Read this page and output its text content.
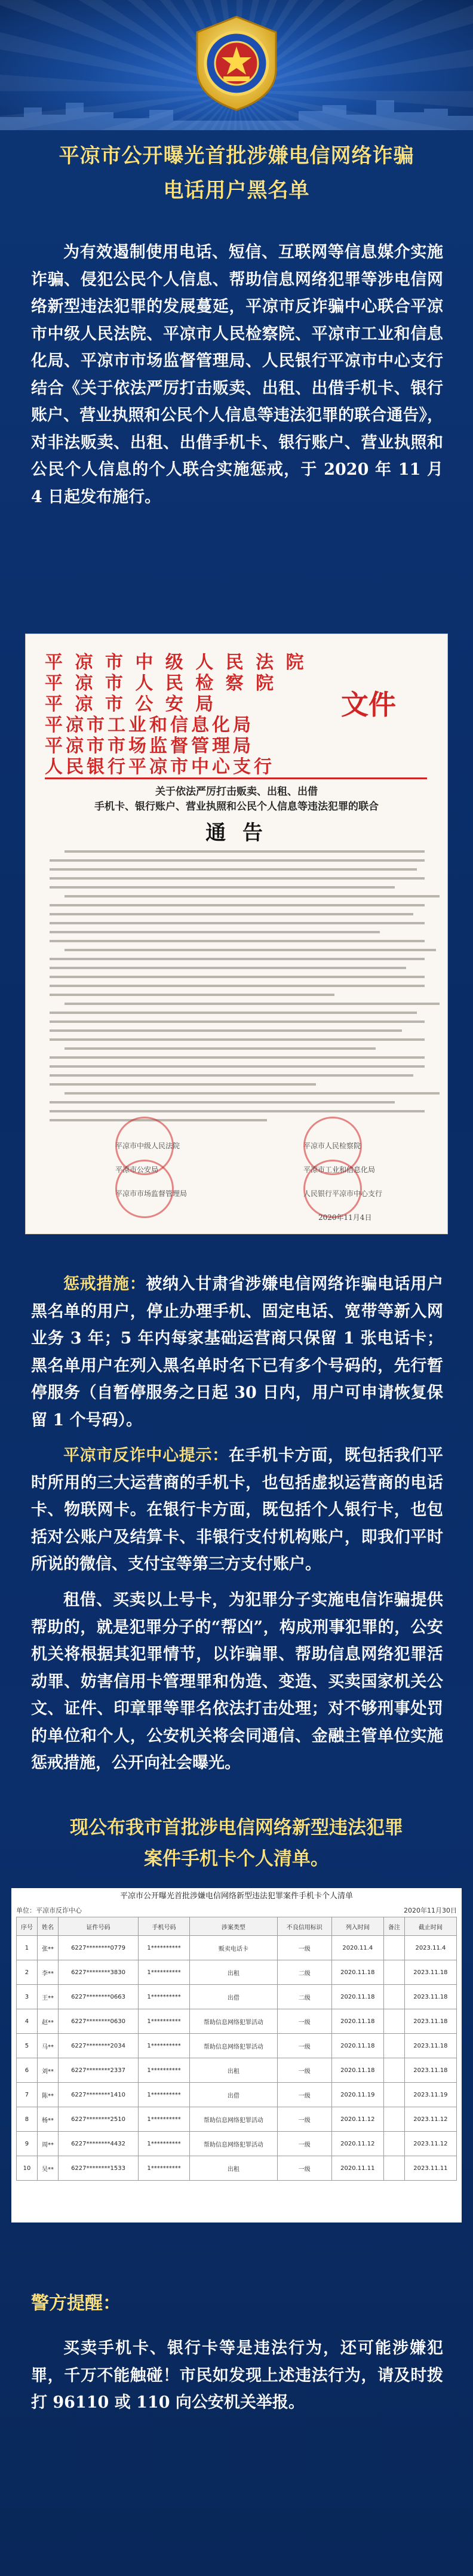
平凉市公开曝光首批涉嫌电信网络诈骗
电话用户黑名单
为有效遏制使用电话、短信、互联网等信息媒介实施诈骗、侵犯公民个人信息、帮助信息网络犯罪等涉电信网络新型违法犯罪的发展蔓延，平凉市反诈骗中心联合平凉市中级人民法院、平凉市人民检察院、平凉市工业和信息化局、平凉市市场监督管理局、人民银行平凉市中心支行结合《关于依法严厉打击贩卖、出租、出借手机卡、银行账户、营业执照和公民个人信息等违法犯罪的联合通告》，对非法贩卖、出租、出借手机卡、银行账户、营业执照和公民个人信息的个人联合实施惩戒，于 2020 年 11 月 4 日起发布施行。
平 凉 市 中 级 人 民 法 院
平 凉 市 人 民 检 察 院
平 凉 市 公 安 局
平凉市工业和信息化局
平凉市市场监督管理局
人民银行平凉市中心支行
文件
关于依法严厉打击贩卖、出租、出借
手机卡、银行账户、营业执照和公民个人信息等违法犯罪的联合
通 告
平凉市中级人民法院	平凉市人民检察院
平凉市公安局	平凉市工业和信息化局
平凉市市场监督管理局	人民银行平凉市中心支行
2020年11月4日
惩戒措施：被纳入甘肃省涉嫌电信网络诈骗电话用户黑名单的用户，停止办理手机、固定电话、宽带等新入网业务 3 年；5 年内每家基础运营商只保留 1 张电话卡；黑名单用户在列入黑名单时名下已有多个号码的，先行暂停服务（自暂停服务之日起 30 日内，用户可申请恢复保留 1 个号码）。
平凉市反诈中心提示：在手机卡方面，既包括我们平时所用的三大运营商的手机卡，也包括虚拟运营商的电话卡、物联网卡。在银行卡方面，既包括个人银行卡，也包括对公账户及结算卡、非银行支付机构账户，即我们平时所说的微信、支付宝等第三方支付账户。
租借、买卖以上号卡，为犯罪分子实施电信诈骗提供帮助的，就是犯罪分子的“帮凶”，构成刑事犯罪的，公安机关将根据其犯罪情节，以诈骗罪、帮助信息网络犯罪活动罪、妨害信用卡管理罪和伪造、变造、买卖国家机关公文、证件、印章罪等罪名依法打击处理；对不够刑事处罚的单位和个人，公安机关将会同通信、金融主管单位实施惩戒措施，公开向社会曝光。
现公布我市首批涉电信网络新型违法犯罪
案件手机卡个人清单。
平凉市公开曝光首批涉嫌电信网络新型违法犯罪案件手机卡个人清单
单位：平凉市反诈中心	2020年11月30日
序号	姓名	证件号码	手机号码	涉案类型	不良信用标识	列入时间	备注	截止时间
1	张**	6227********0779	1**********	贩卖电话卡	一级	2020.11.4		2023.11.4
2	李**	6227********3830	1**********	出租	二级	2020.11.18		2023.11.18
3	王**	6227********0663	1**********	出借	二级	2020.11.18		2023.11.18
4	赵**	6227********0630	1**********	帮助信息网络犯罪活动	一级	2020.11.18		2023.11.18
5	马**	6227********2034	1**********	帮助信息网络犯罪活动	一级	2020.11.18		2023.11.18
6	刘**	6227********2337	1**********	出租	一级	2020.11.18		2023.11.18
7	陈**	6227********1410	1**********	出借	一级	2020.11.19		2023.11.19
8	杨**	6227********2510	1**********	帮助信息网络犯罪活动	一级	2020.11.12		2023.11.12
9	周**	6227********4432	1**********	帮助信息网络犯罪活动	一级	2020.11.12		2023.11.12
10	吴**	6227********1533	1**********	出租	一级	2020.11.11		2023.11.11
警方提醒：
买卖手机卡、银行卡等是违法行为，还可能涉嫌犯罪，千万不能触碰！市民如发现上述违法行为，请及时拨打 96110 或 110 向公安机关举报。
